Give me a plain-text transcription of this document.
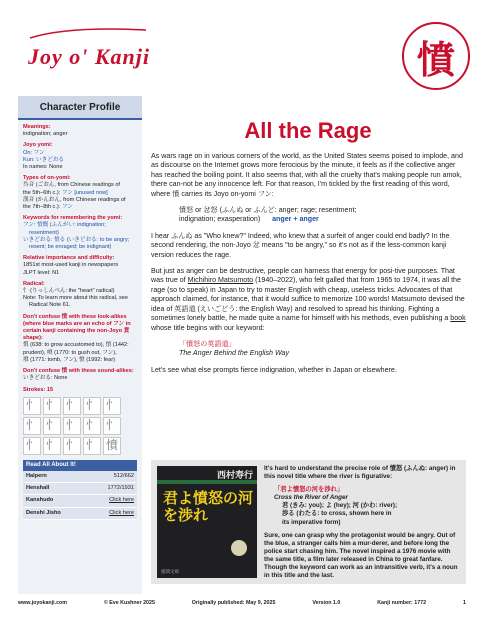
Joy o' Kanji	憤
Character Profile
Meanings:
indignation; anger
Joyo yomi:
On: フン
Kun: いきどおる
In names: None
Types of on-yomi:
呉音 (ごおん, from Chinese readings of
the 5th–6th c.): フン [unused now]
漢音 (かんおん, from Chinese readings of
the 7th–8th c.): フン
Keywords for remembering the yomi:
フン: 憤慨 (ふんがい: indignation;
resentment)
いきどおる: 憤る (いきどおる: to be angry;
resent; be enraged; be indignant)
Relative importance and difficulty:
1851st most-used kanji in newspapers
JLPT level: N1
Radical:
忄 (りっしんべん: the "heart" radical)
Note: To learn more about this radical, see
Radical Note 61.
Don't confuse 憤 with these look-alikes
(where blue marks are an echo of フン in
certain kanji containing the non-Joyo 賁
shape):
慣 (638: to grow accustomed to), 憤 (1442:
prudent), 噴 (1770: to gush out, フン),
墳 (1771: tomb, フン), 憤 (1992: fear)
Don't confuse 憤 with these sound-alikes:
いきどおる: None
Strokes: 15
忄 忄 忄 忄 忄
忄 忄 忄 忄 忄
忄 忄 忄 忄 憤
Read All About It!	
Halpern	512/662
Henshall	1772/1931
Kanshudo	Click here
Denshi Jisho	Click here
All the Rage

As wars rage on in various corners of the world, as the United States seems poised to implode, and as discourse on the Internet grows more ferocious by the minute, it feels as if the collective anger has reached the boiling point. It also seems that, with all the cruelty that's making people run amok, there can-not be any innocence left. For that reason, I'm tickled by the first reading of this word, where 憤 carries its Joyo on-yomi フン:

憤怒 or 忿怒 (ふんぬ or ふんど: anger; rage; resentment;
indignation; exasperation) anger + anger

I hear ふんぬ as "Who knew?" Indeed, who knew that a surfeit of anger could end badly? In the second rendering, the non-Joyo 忿 means "to be angry," so it's not as if the less-common kanji version reduces the rage.

But just as anger can be destructive, people can harness that energy for posi-tive purposes. That was true of Michihiro Matsumoto (1940–2022), who felt galled that from 1965 to 1974, it was all the rage (so to speak) in Japan to try to master English with cheap, useless tricks. Advocates of that approach claimed, for instance, that it would suffice to memorize 100 words! Matsumoto devised the idea of 英語道 (えいごどう: the English Way) and resolved to spread his thinking. Fighting a sometimes lonely battle, he made quite a name for himself with his methods, even publishing a book whose title begins with our keyword:

「憤怒の英語道」
The Anger Behind the English Way

Let's see what else prompts fierce indignation, whether in Japan or elsewhere.

西村寿行
君よ憤怒の河を渉れ
徳間文庫

It's hard to understand the precise role of 憤怒 (ふんぬ: anger) in this novel title where the river is figurative:

「君よ憤怒の河を渉れ」
Cross the River of Anger
君 (きみ: you); よ (hey); 河 (かわ: river);
渉る (わたる: to cross, shown here in
its imperative form)

Sure, one can grasp why the protagonist would be angry. Out of the blue, a stranger calls him a mur-derer, and before long the police start chasing him. The novel inspired a 1976 movie with the same title, a film later released in China to great fanfare. Though the keyword can work as an intransitive verb, it's a noun in this title and the last.

www.joyokanji.com	© Eve Kushner 2025	Originally published: May 9, 2025	Version 1.0	Kanji number: 1772	1
